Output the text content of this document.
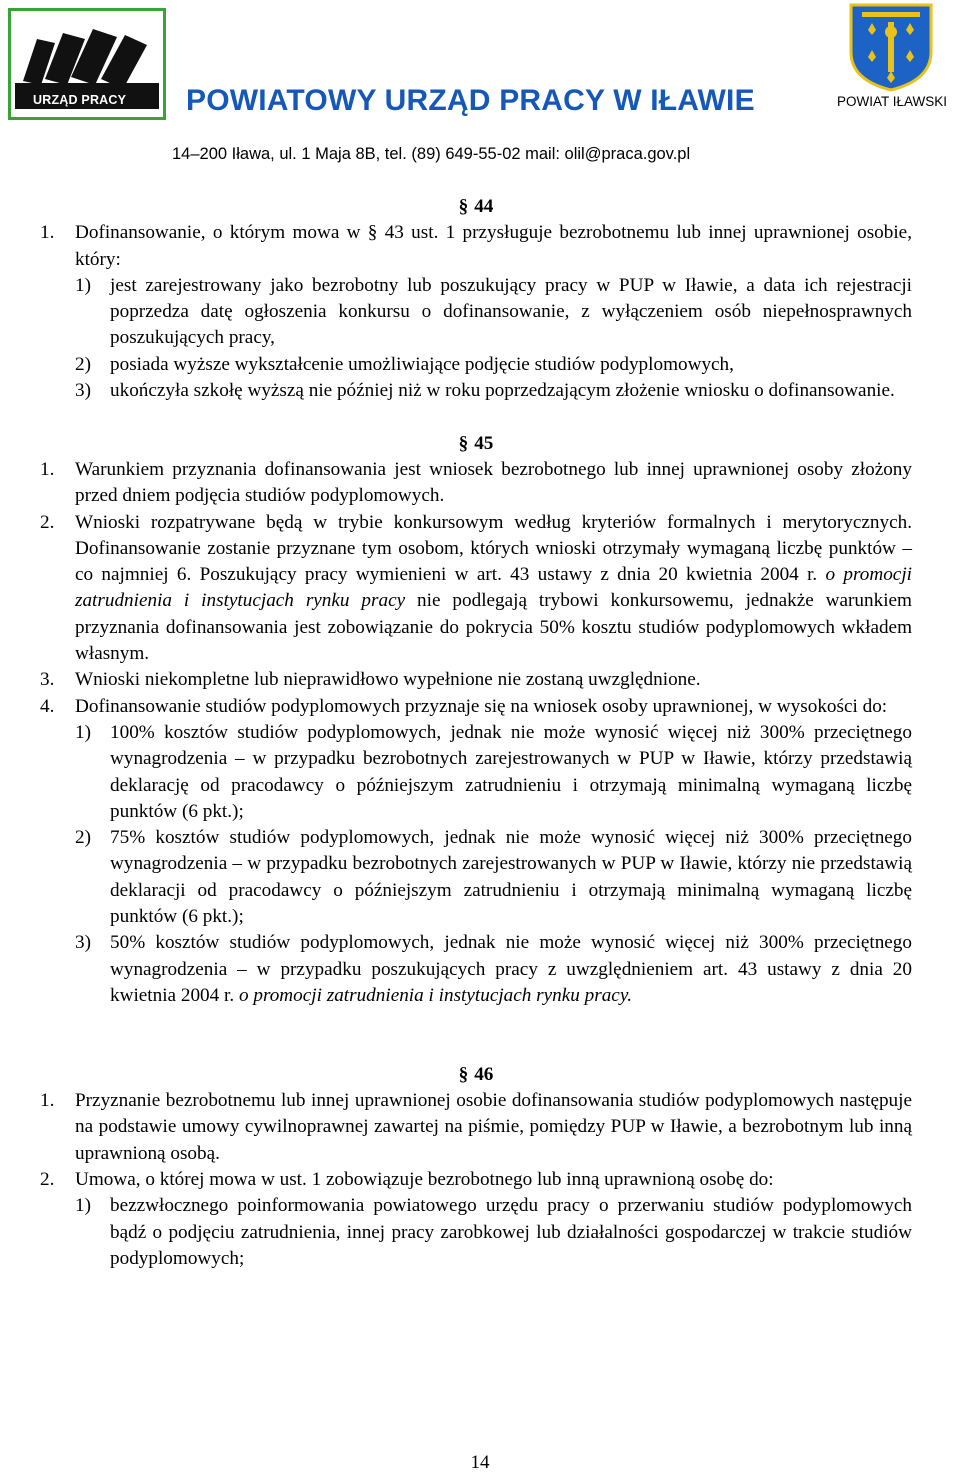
URZĄD PRACY POWIATOWY URZĄD PRACY W IŁAWIE	POWIAT IŁAWSKI
14–200 Iława, ul. 1 Maja 8B, tel. (89) 649-55-02 mail: olil@praca.gov.pl
§ 44
1.	Dofinansowanie, o którym mowa w § 43 ust. 1 przysługuje bezrobotnemu lub innej uprawnionej osobie, który:
1) jest zarejestrowany jako bezrobotny lub poszukujący pracy w PUP w Iławie, a data ich rejestracji poprzedza datę ogłoszenia konkursu o dofinansowanie, z wyłączeniem osób niepełnosprawnych poszukujących pracy,
2) posiada wyższe wykształcenie umożliwiające podjęcie studiów podyplomowych,
3) ukończyła szkołę wyższą nie później niż w roku poprzedzającym złożenie wniosku o dofinansowanie.
§ 45
1.	Warunkiem przyznania dofinansowania jest wniosek bezrobotnego lub innej uprawnionej osoby złożony przed dniem podjęcia studiów podyplomowych.
2.	Wnioski rozpatrywane będą w trybie konkursowym według kryteriów formalnych i merytorycznych. Dofinansowanie zostanie przyznane tym osobom, których wnioski otrzymały wymaganą liczbę punktów – co najmniej 6. Poszukujący pracy wymienieni w art. 43 ustawy z dnia 20 kwietnia 2004 r. o promocji zatrudnienia i instytucjach rynku pracy nie podlegają trybowi konkursowemu, jednakże warunkiem przyznania dofinansowania jest zobowiązanie do pokrycia 50% kosztu studiów podyplomowych wkładem własnym.
3.	Wnioski niekompletne lub nieprawidłowo wypełnione nie zostaną uwzględnione.
4.	Dofinansowanie studiów podyplomowych przyznaje się na wniosek osoby uprawnionej, w wysokości do:
1) 100% kosztów studiów podyplomowych, jednak nie może wynosić więcej niż 300% przeciętnego wynagrodzenia – w przypadku bezrobotnych zarejestrowanych w PUP w Iławie, którzy przedstawią deklarację od pracodawcy o późniejszym zatrudnieniu i otrzymają minimalną wymaganą liczbę punktów (6 pkt.);
2) 75% kosztów studiów podyplomowych, jednak nie może wynosić więcej niż 300% przeciętnego wynagrodzenia – w przypadku bezrobotnych zarejestrowanych w PUP w Iławie, którzy nie przedstawią deklaracji od pracodawcy o późniejszym zatrudnieniu i otrzymają minimalną wymaganą liczbę punktów (6 pkt.);
3) 50% kosztów studiów podyplomowych, jednak nie może wynosić więcej niż 300% przeciętnego wynagrodzenia – w przypadku poszukujących pracy z uwzględnieniem art. 43 ustawy z dnia 20 kwietnia 2004 r. o promocji zatrudnienia i instytucjach rynku pracy.
§ 46
1.	Przyznanie bezrobotnemu lub innej uprawnionej osobie dofinansowania studiów podyplomowych następuje na podstawie umowy cywilnoprawnej zawartej na piśmie, pomiędzy PUP w Iławie, a bezrobotnym lub inną uprawnioną osobą.
2.	Umowa, o której mowa w ust. 1 zobowiązuje bezrobotnego lub inną uprawnioną osobę do:
1) bezzwłocznego poinformowania powiatowego urzędu pracy o przerwaniu studiów podyplomowych bądź o podjęciu zatrudnienia, innej pracy zarobkowej lub działalności gospodarczej w trakcie studiów podyplomowych;
14
